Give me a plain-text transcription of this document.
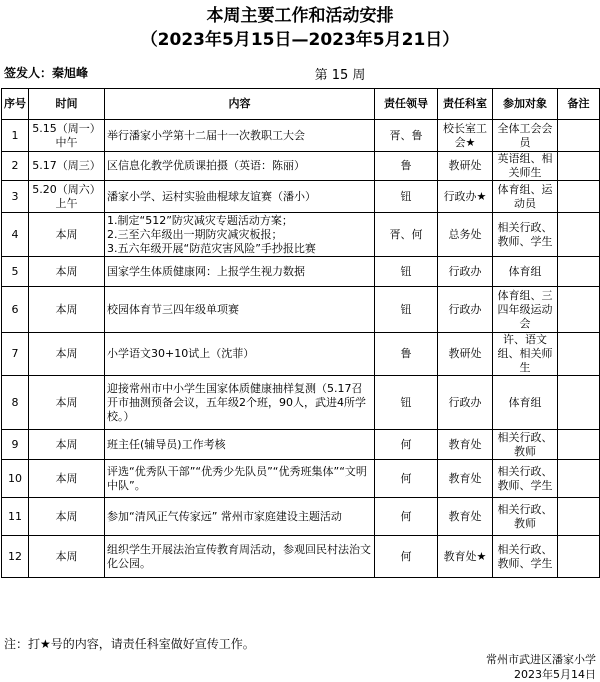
本周主要工作和活动安排
（2023年5月15日—2023年5月21日）
签发人：秦旭峰	第 15 周
序号	时间	内容	责任领导	责任科室	参加对象	备注
1	5.15（周一）中午	举行潘家小学第十二届十一次教职工大会	胥、鲁	校长室工会★	全体工会会员	
2	5.17（周三）	区信息化教学优质课拍摄（英语：陈丽）	鲁	教研处	英语组、相关师生	
3	5.20（周六）上午	潘家小学、运村实验曲棍球友谊赛（潘小）	钮	行政办★	体育组、运动员	
4	本周	1.制定“512”防灾减灾专题活动方案；
2.三至六年级出一期防灾减灾板报；
3.五六年级开展“防范灾害风险”手抄报比赛	胥、何	总务处	相关行政、教师、学生	
5	本周	国家学生体质健康网：上报学生视力数据	钮	行政办	体育组	
6	本周	校园体育节三四年级单项赛	钮	行政办	体育组、三四年级运动会	
7	本周	小学语文30+10试上（沈菲）	鲁	教研处	许、语文组、相关师生	
8	本周	迎接常州市中小学生国家体质健康抽样复测（5.17召开市抽测预备会议，五年级2个班，90人，武进4所学校。）	钮	行政办	体育组	
9	本周	班主任(辅导员)工作考核	何	教育处	相关行政、教师	
10	本周	评选“优秀队干部”“优秀少先队员”“优秀班集体”“文明中队”。	何	教育处	相关行政、教师、学生	
11	本周	参加“清风正气传家远” 常州市家庭建设主题活动	何	教育处	相关行政、教师	
12	本周	组织学生开展法治宣传教育周活动，参观回民村法治文化公园。	何	教育处★	相关行政、教师、学生	
注：打★号的内容，请责任科室做好宣传工作。
常州市武进区潘家小学
2023年5月14日
